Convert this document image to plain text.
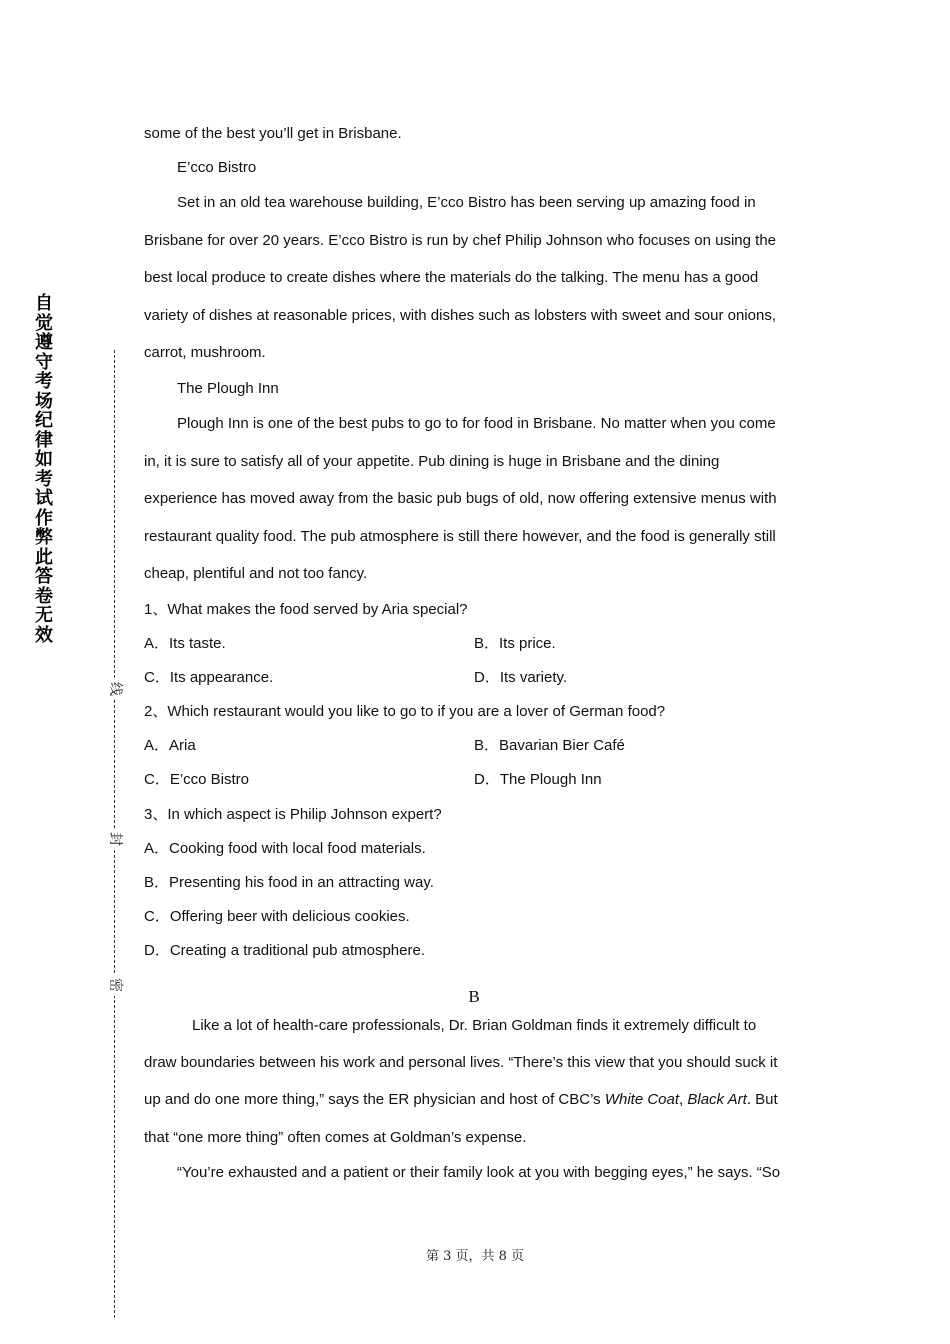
自觉遵守考场纪律如考试作弊此答卷无效
线
封
密
some of the best you’ll get in Brisbane.
E’cco Bistro
Set in an old tea warehouse building, E’cco Bistro has been serving up amazing food in
Brisbane for over 20 years. E’cco Bistro is run by chef Philip Johnson who focuses on using the
best local produce to create dishes where the materials do the talking. The menu has a good
variety of dishes at reasonable prices, with dishes such as lobsters with sweet and sour onions,
carrot, mushroom.
The Plough Inn
Plough Inn is one of the best pubs to go to for food in Brisbane. No matter when you come
in, it is sure to satisfy all of your appetite. Pub dining is huge in Brisbane and the dining
experience has moved away from the basic pub bugs of old, now offering extensive menus with
restaurant quality food. The pub atmosphere is still there however, and the food is generally still
cheap, plentiful and not too fancy.
1、What makes the food served by Aria special?
A．Its taste.	B．Its price.
C．Its appearance.	D．Its variety.
2、Which restaurant would you like to go to if you are a lover of German food?
A．Aria	B．Bavarian Bier Café
C．E’cco Bistro	D．The Plough Inn
3、In which aspect is Philip Johnson expert?
A．Cooking food with local food materials.
B．Presenting his food in an attracting way.
C．Offering beer with delicious cookies.
D．Creating a traditional pub atmosphere.
B
Like a lot of health-care professionals, Dr. Brian Goldman finds it extremely difficult to
draw boundaries between his work and personal lives. “There’s this view that you should suck it
up and do one more thing,” says the ER physician and host of CBC’s White Coat, Black Art. But
that “one more thing” often comes at Goldman’s expense.
“You’re exhausted and a patient or their family look at you with begging eyes,” he says. “So
第 3 页，共 8 页
